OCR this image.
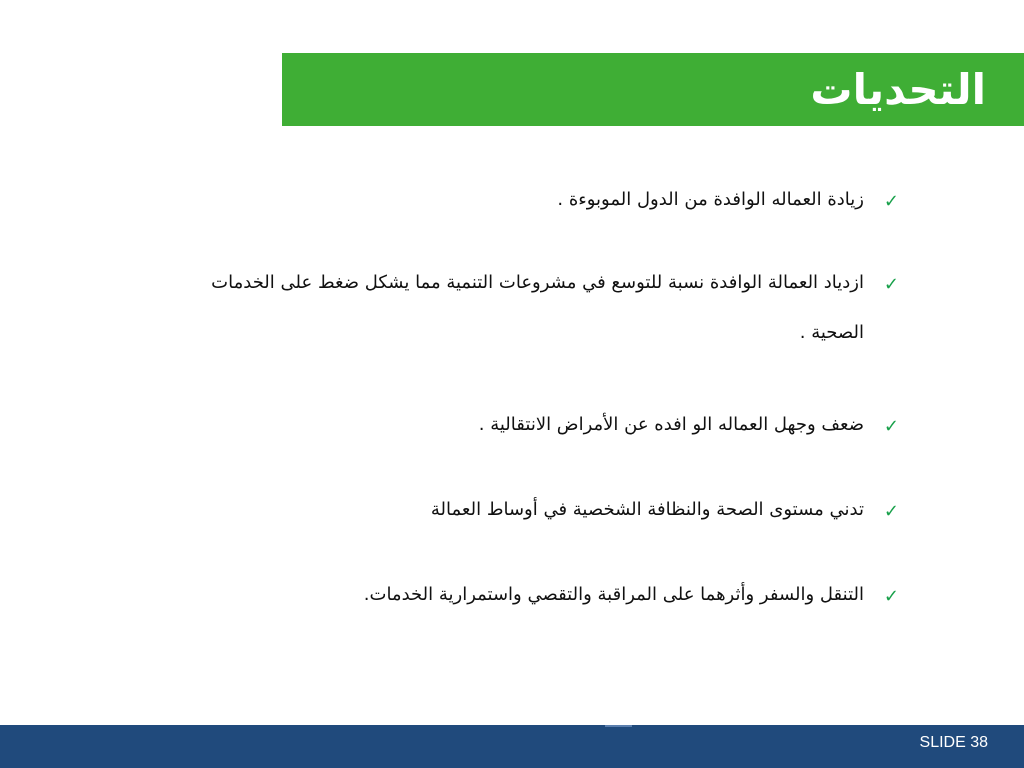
التحديات
✓
زيادة العماله الوافدة من الدول الموبوءة .
✓
ازدياد العمالة الوافدة نسبة للتوسع في مشروعات التنمية مما يشكل ضغط على الخدمات الصحية .
✓
ضعف وجهل العماله الو افده عن الأمراض الانتقالية .
✓
تدني مستوى الصحة والنظافة الشخصية في أوساط العمالة
✓
التنقل والسفر وأثرهما على المراقبة والتقصي واستمرارية الخدمات.
SLIDE 38
